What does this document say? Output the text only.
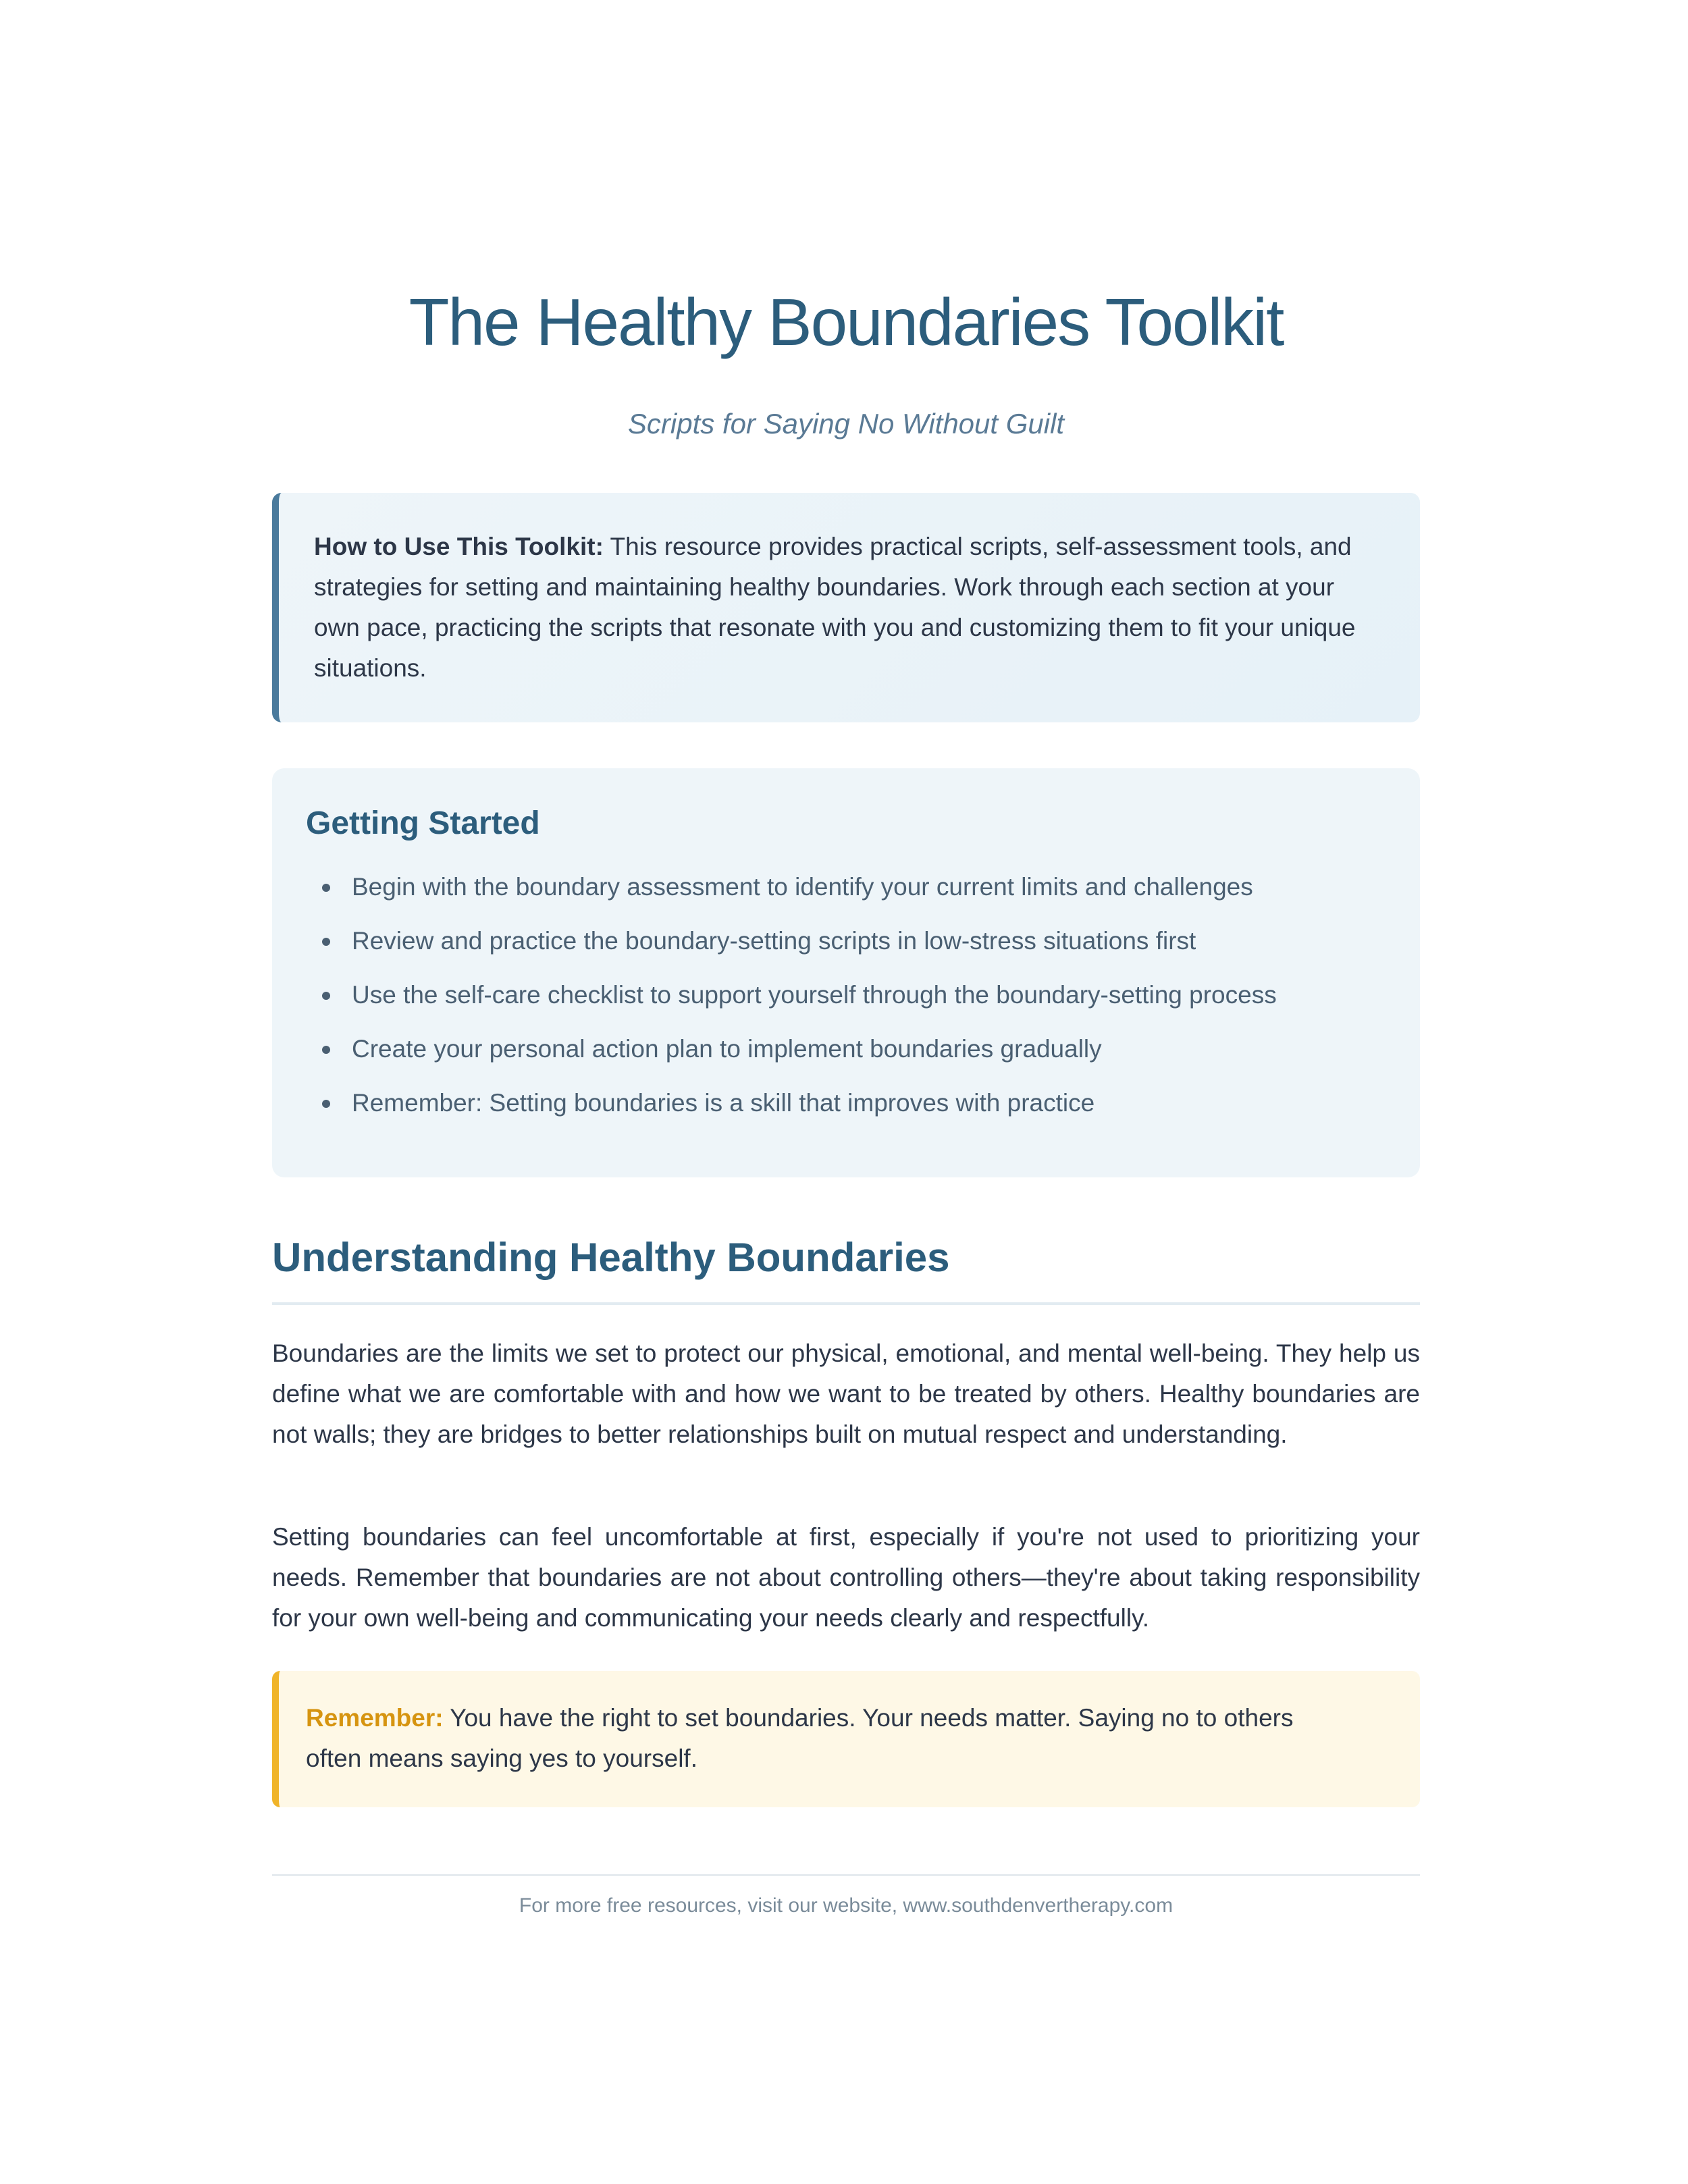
The Healthy Boundaries Toolkit
Scripts for Saying No Without Guilt
How to Use This Toolkit: This resource provides practical scripts, self-assessment tools, and strategies for setting and maintaining healthy boundaries. Work through each section at your own pace, practicing the scripts that resonate with you and customizing them to fit your unique situations.
Getting Started
Begin with the boundary assessment to identify your current limits and challenges
Review and practice the boundary-setting scripts in low-stress situations first
Use the self-care checklist to support yourself through the boundary-setting process
Create your personal action plan to implement boundaries gradually
Remember: Setting boundaries is a skill that improves with practice
Understanding Healthy Boundaries

Boundaries are the limits we set to protect our physical, emotional, and mental well-being. They help us define what we are comfortable with and how we want to be treated by others. Healthy boundaries are not walls; they are bridges to better relationships built on mutual respect and understanding.

Setting boundaries can feel uncomfortable at first, especially if you're not used to prioritizing your needs. Remember that boundaries are not about controlling others—they're about taking responsibility for your own well-being and communicating your needs clearly and respectfully.

Remember: You have the right to set boundaries. Your needs matter. Saying no to others often means saying yes to yourself.
For more free resources, visit our website, www.southdenvertherapy.com
